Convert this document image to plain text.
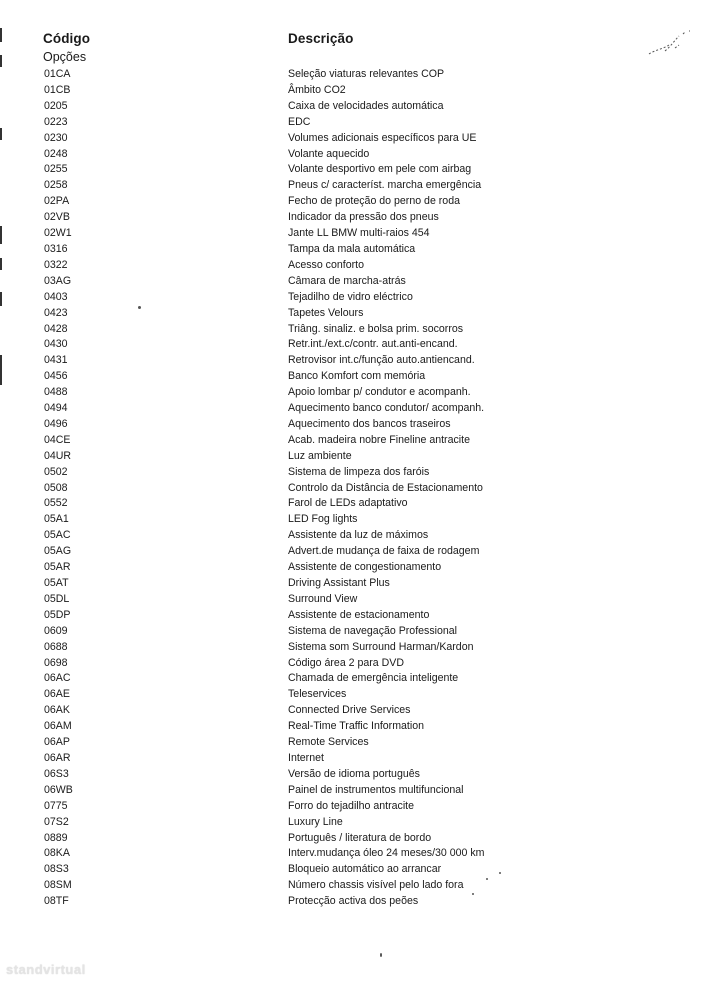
Código	Descrição
Opções
01CA	Seleção viaturas relevantes COP
01CB	Âmbito CO2
0205	Caixa de velocidades automática
0223	EDC
0230	Volumes adicionais específicos para UE
0248	Volante aquecido
0255	Volante desportivo em pele com airbag
0258	Pneus c/ característ. marcha emergência
02PA	Fecho de proteção do perno de roda
02VB	Indicador da pressão dos pneus
02W1	Jante LL BMW multi-raios 454
0316	Tampa da mala automática
0322	Acesso conforto
03AG	Câmara de marcha-atrás
0403	Tejadilho de vidro eléctrico
0423	Tapetes Velours
0428	Triâng. sinaliz. e bolsa prim. socorros
0430	Retr.int./ext.c/contr. aut.anti-encand.
0431	Retrovisor int.c/função auto.antiencand.
0456	Banco Komfort com memória
0488	Apoio lombar p/ condutor e acompanh.
0494	Aquecimento banco condutor/ acompanh.
0496	Aquecimento dos bancos traseiros
04CE	Acab. madeira nobre Fineline antracite
04UR	Luz ambiente
0502	Sistema de limpeza dos faróis
0508	Controlo da Distância de Estacionamento
0552	Farol de LEDs adaptativo
05A1	LED Fog lights
05AC	Assistente da luz de máximos
05AG	Advert.de mudança de faixa de rodagem
05AR	Assistente de congestionamento
05AT	Driving Assistant Plus
05DL	Surround View
05DP	Assistente de estacionamento
0609	Sistema de navegação Professional
0688	Sistema som Surround Harman/Kardon
0698	Código área 2 para DVD
06AC	Chamada de emergência inteligente
06AE	Teleservices
06AK	Connected Drive Services
06AM	Real-Time Traffic Information
06AP	Remote Services
06AR	Internet
06S3	Versão de idioma português
06WB	Painel de instrumentos multifuncional
0775	Forro do tejadilho antracite
07S2	Luxury Line
0889	Português / literatura de bordo
08KA	Interv.mudança óleo 24 meses/30 000 km
08S3	Bloqueio automático ao arrancar
08SM	Número chassis visível pelo lado fora
08TF	Protecção activa dos peões
standvirtual
